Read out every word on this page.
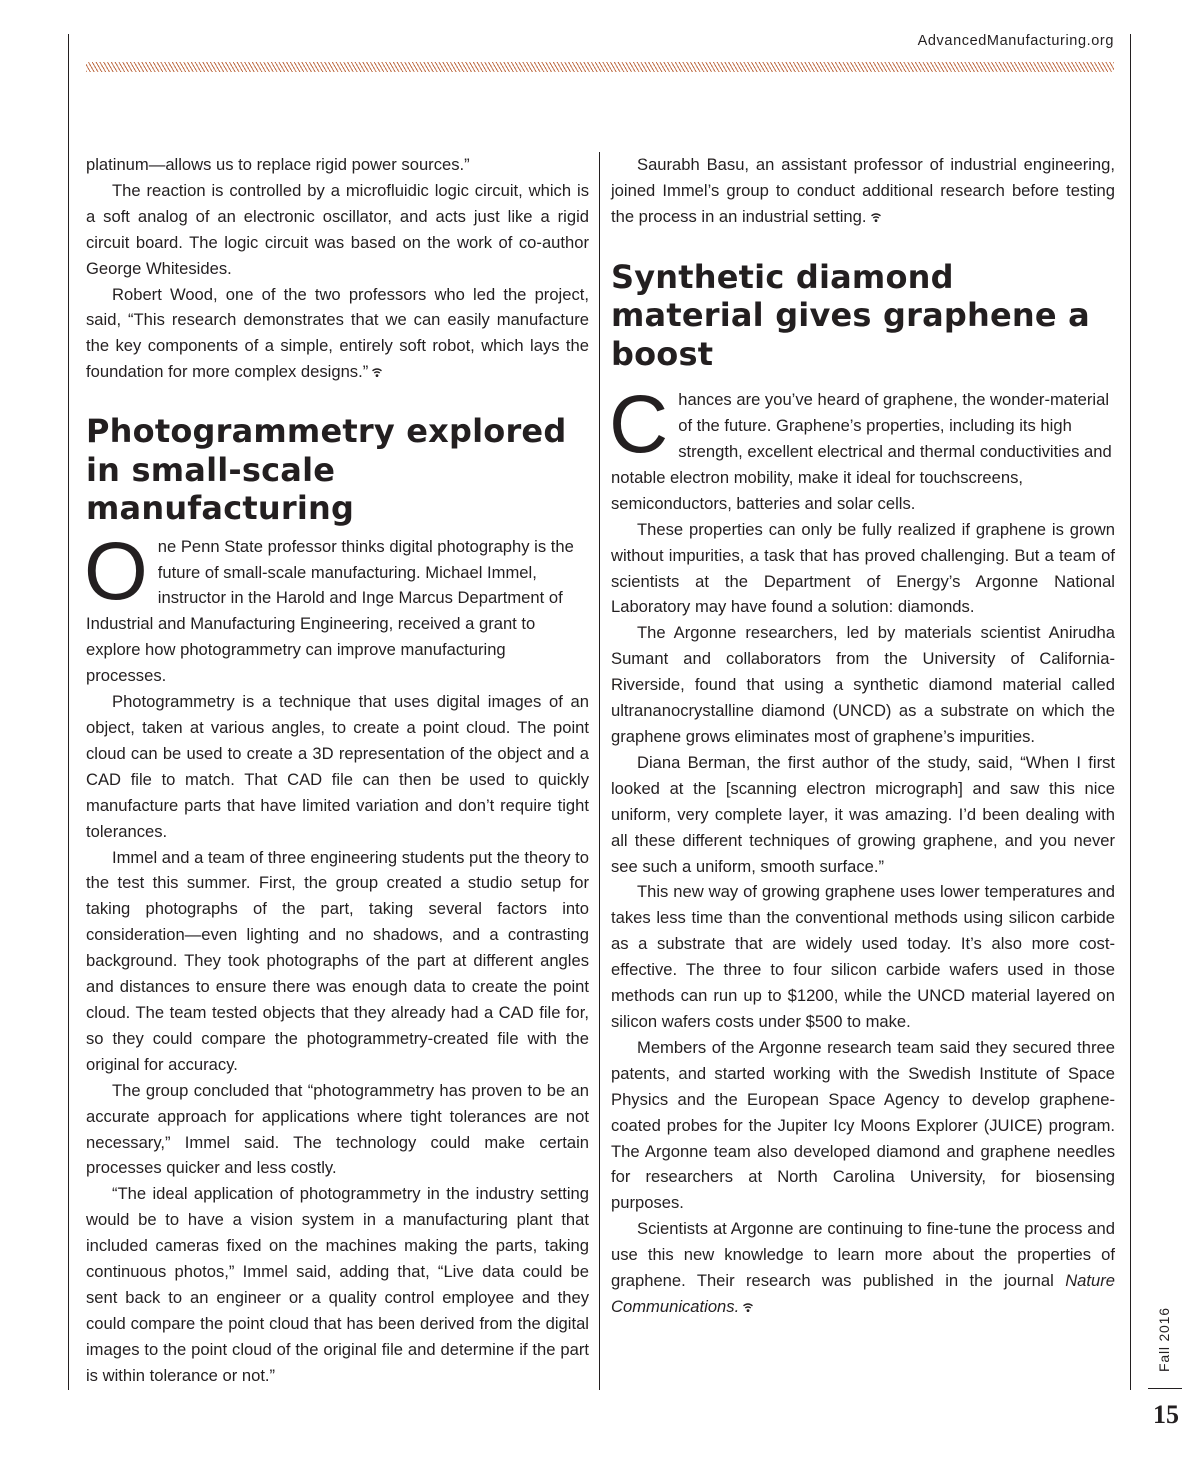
AdvancedManufacturing.org

platinum—allows us to replace rigid power sources.”

The reaction is controlled by a microfluidic logic circuit, which is a soft analog of an electronic oscillator, and acts just like a rigid circuit board. The logic circuit was based on the work of co-author George Whitesides.

Robert Wood, one of the two professors who led the project, said, “This research demonstrates that we can easily manufacture the key components of a simple, entirely soft robot, which lays the foundation for more complex designs.”

Photogrammetry explored in small-scale manufacturing

One Penn State professor thinks digital photography is the future of small-scale manufacturing. Michael Immel, instructor in the Harold and Inge Marcus Department of Industrial and Manufacturing Engineering, received a grant to explore how photogrammetry can improve manufacturing processes.

Photogrammetry is a technique that uses digital images of an object, taken at various angles, to create a point cloud. The point cloud can be used to create a 3D representation of the object and a CAD file to match. That CAD file can then be used to quickly manufacture parts that have limited variation and don’t require tight tolerances.

Immel and a team of three engineering students put the theory to the test this summer. First, the group created a studio setup for taking photographs of the part, taking several factors into consideration—even lighting and no shadows, and a contrasting background. They took photographs of the part at different angles and distances to ensure there was enough data to create the point cloud. The team tested objects that they already had a CAD file for, so they could compare the photogrammetry-created file with the original for accuracy.

The group concluded that “photogrammetry has proven to be an accurate approach for applications where tight tolerances are not necessary,” Immel said. The technology could make certain processes quicker and less costly.

“The ideal application of photogrammetry in the industry setting would be to have a vision system in a manufacturing plant that included cameras fixed on the machines making the parts, taking continuous photos,” Immel said, adding that, “Live data could be sent back to an engineer or a quality control employee and they could compare the point cloud that has been derived from the digital images to the point cloud of the original file and determine if the part is within tolerance or not.”

Saurabh Basu, an assistant professor of industrial engineering, joined Immel’s group to conduct additional research before testing the process in an industrial setting.

Synthetic diamond material gives graphene a boost

Chances are you’ve heard of graphene, the wonder-material of the future. Graphene’s properties, including its high strength, excellent electrical and thermal conductivities and notable electron mobility, make it ideal for touchscreens, semiconductors, batteries and solar cells.

These properties can only be fully realized if graphene is grown without impurities, a task that has proved challenging. But a team of scientists at the Department of Energy’s Argonne National Laboratory may have found a solution: diamonds.

The Argonne researchers, led by materials scientist Anirudha Sumant and collaborators from the University of California-Riverside, found that using a synthetic diamond material called ultrananocrystalline diamond (UNCD) as a substrate on which the graphene grows eliminates most of graphene’s impurities.

Diana Berman, the first author of the study, said, “When I first looked at the [scanning electron micrograph] and saw this nice uniform, very complete layer, it was amazing. I’d been dealing with all these different techniques of growing graphene, and you never see such a uniform, smooth surface.”

This new way of growing graphene uses lower temperatures and takes less time than the conventional methods using silicon carbide as a substrate that are widely used today. It’s also more cost-effective. The three to four silicon carbide wafers used in those methods can run up to $1200, while the UNCD material layered on silicon wafers costs under $500 to make.

Members of the Argonne research team said they secured three patents, and started working with the Swedish Institute of Space Physics and the European Space Agency to develop graphene-coated probes for the Jupiter Icy Moons Explorer (JUICE) program. The Argonne team also developed diamond and graphene needles for researchers at North Carolina University, for biosensing purposes.

Scientists at Argonne are continuing to fine-tune the process and use this new knowledge to learn more about the properties of graphene. Their research was published in the journal Nature Communications.

Fall 2016
15
